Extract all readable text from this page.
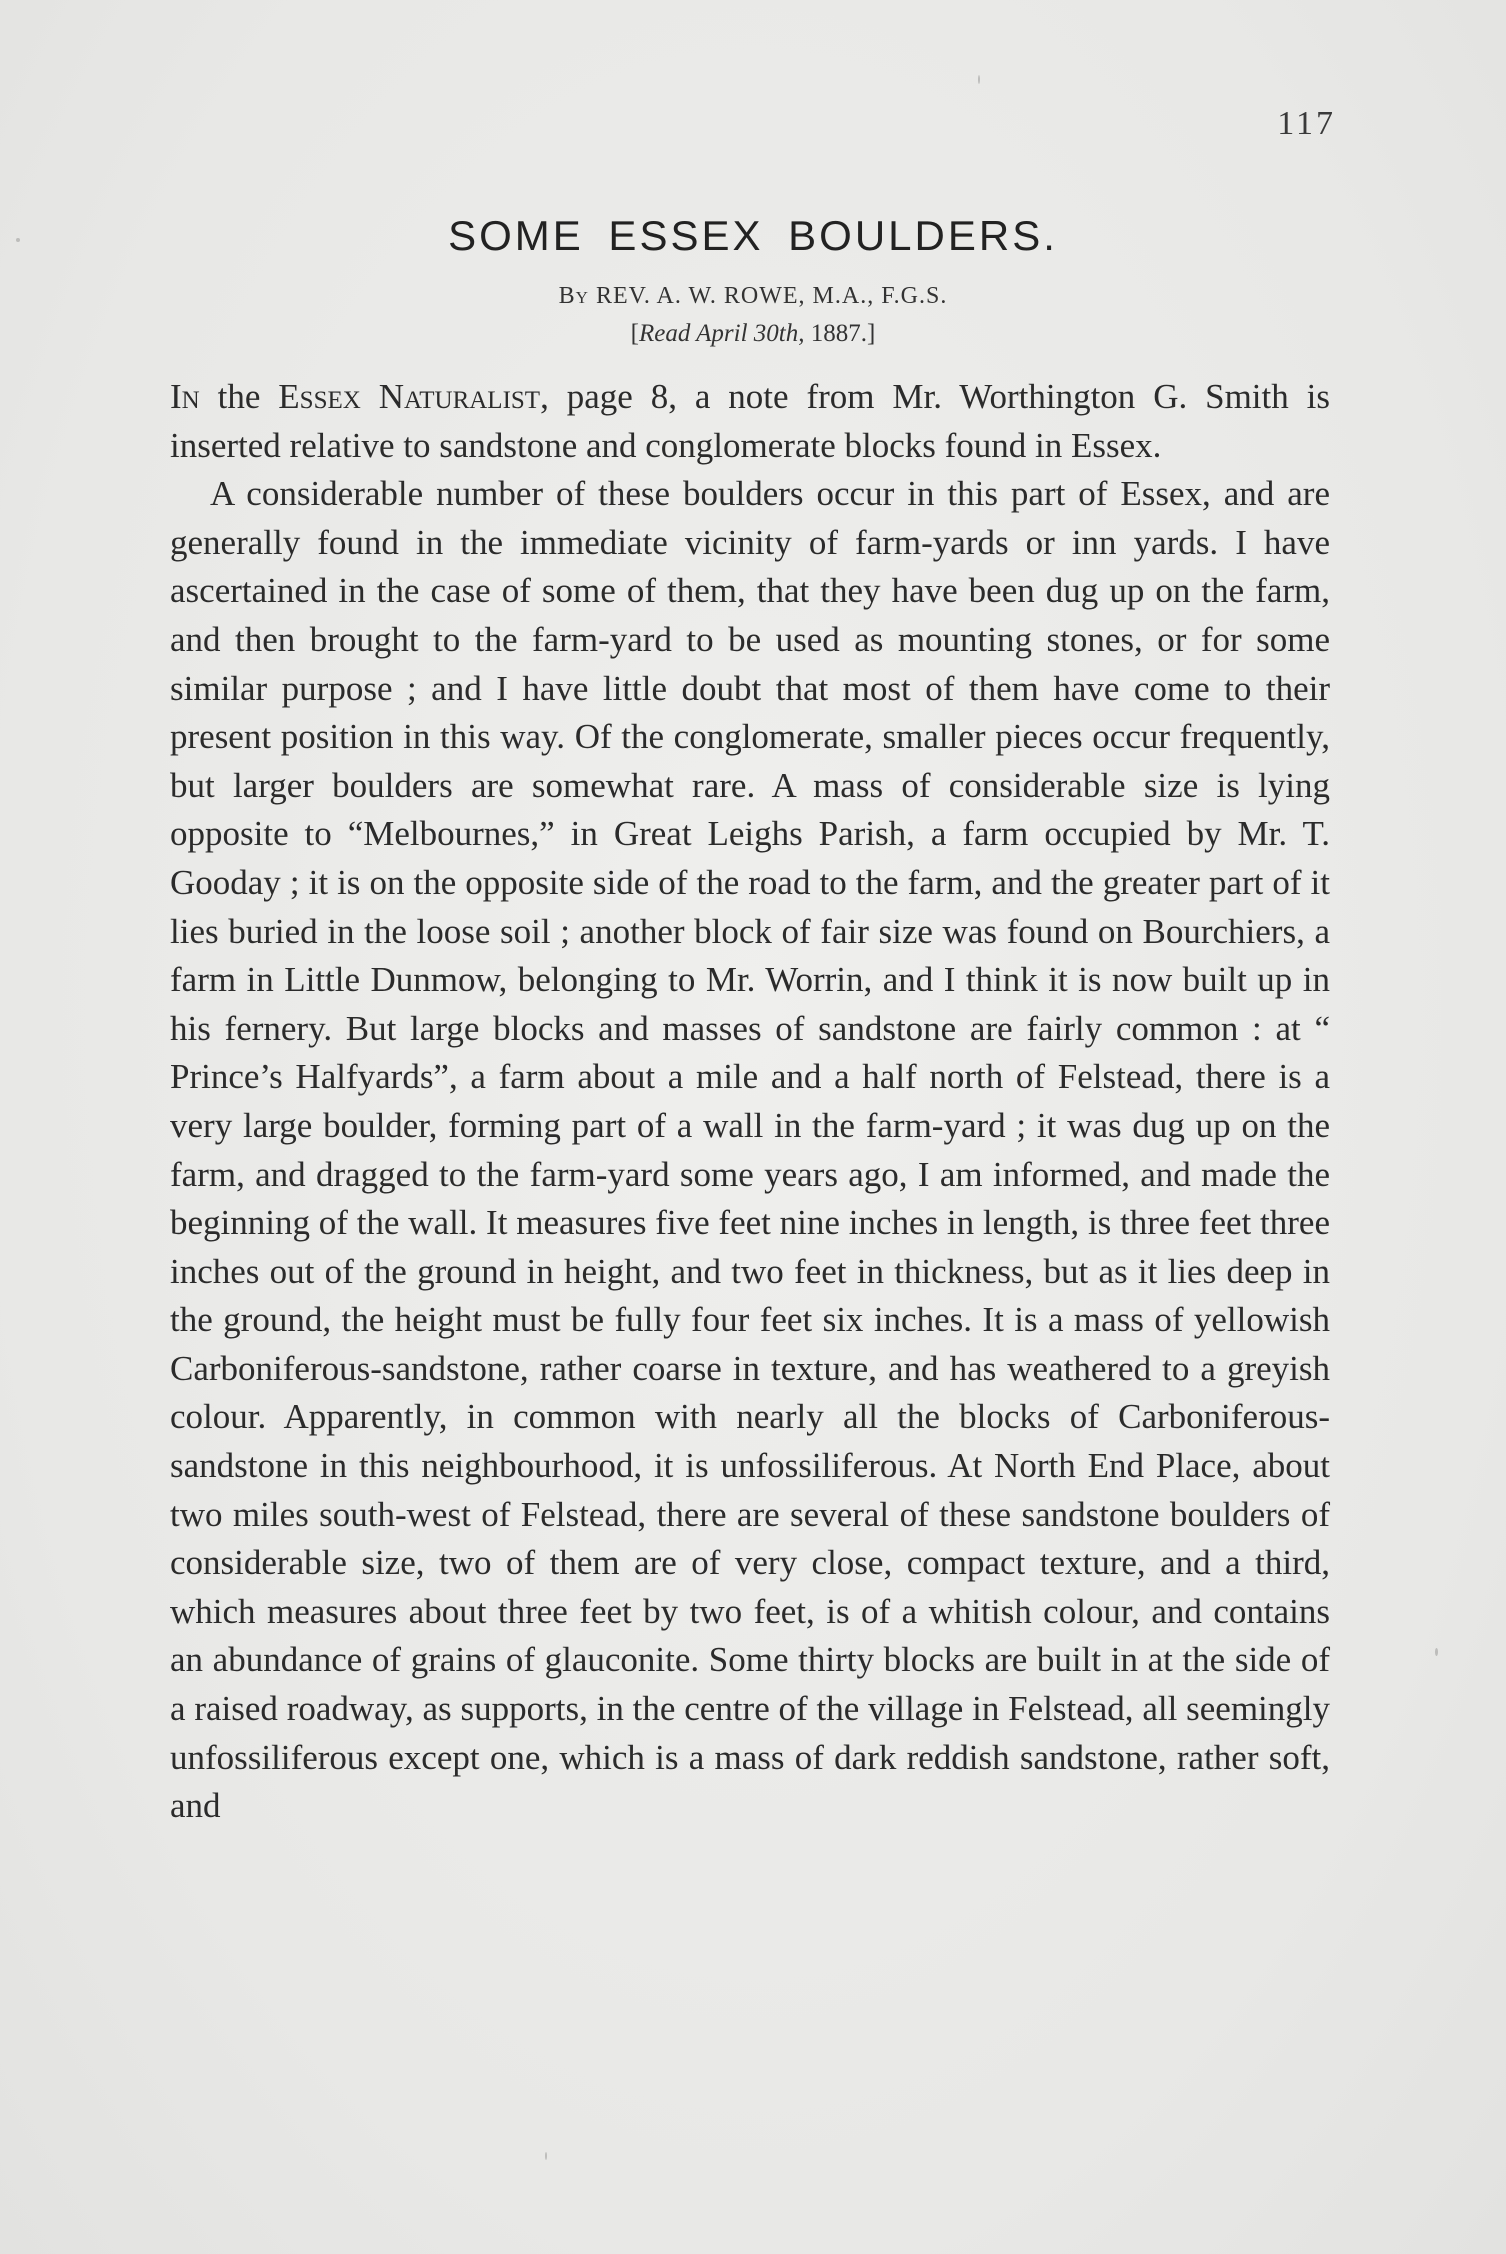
117
SOME ESSEX BOULDERS.
By REV. A. W. ROWE, M.A., F.G.S.
[Read April 30th, 1887.]

In the Essex Naturalist, page 8, a note from Mr. Worthington G. Smith is inserted relative to sandstone and conglomerate blocks found in Essex.

A considerable number of these boulders occur in this part of Essex, and are generally found in the immediate vicinity of farm-yards or inn yards. I have ascertained in the case of some of them, that they have been dug up on the farm, and then brought to the farm-yard to be used as mounting stones, or for some similar purpose ; and I have little doubt that most of them have come to their present position in this way. Of the conglomerate, smaller pieces occur frequently, but larger boulders are somewhat rare. A mass of considerable size is lying opposite to “Melbournes,” in Great Leighs Parish, a farm occupied by Mr. T. Gooday ; it is on the opposite side of the road to the farm, and the greater part of it lies buried in the loose soil ; another block of fair size was found on Bourchiers, a farm in Little Dunmow, belonging to Mr. Worrin, and I think it is now built up in his fernery. But large blocks and masses of sandstone are fairly common : at “ Prince’s Halfyards”, a farm about a mile and a half north of Felstead, there is a very large boulder, forming part of a wall in the farm-yard ; it was dug up on the farm, and dragged to the farm-yard some years ago, I am informed, and made the beginning of the wall. It measures five feet nine inches in length, is three feet three inches out of the ground in height, and two feet in thickness, but as it lies deep in the ground, the height must be fully four feet six inches. It is a mass of yellowish Carboniferous-sandstone, rather coarse in texture, and has weathered to a greyish colour. Apparently, in common with nearly all the blocks of Carboniferous-sandstone in this neighbourhood, it is unfossiliferous. At North End Place, about two miles south-west of Felstead, there are several of these sandstone boulders of considerable size, two of them are of very close, compact texture, and a third, which measures about three feet by two feet, is of a whitish colour, and contains an abundance of grains of glauconite. Some thirty blocks are built in at the side of a raised roadway, as supports, in the centre of the village in Felstead, all seemingly unfossiliferous except one, which is a mass of dark reddish sandstone, rather soft, and
